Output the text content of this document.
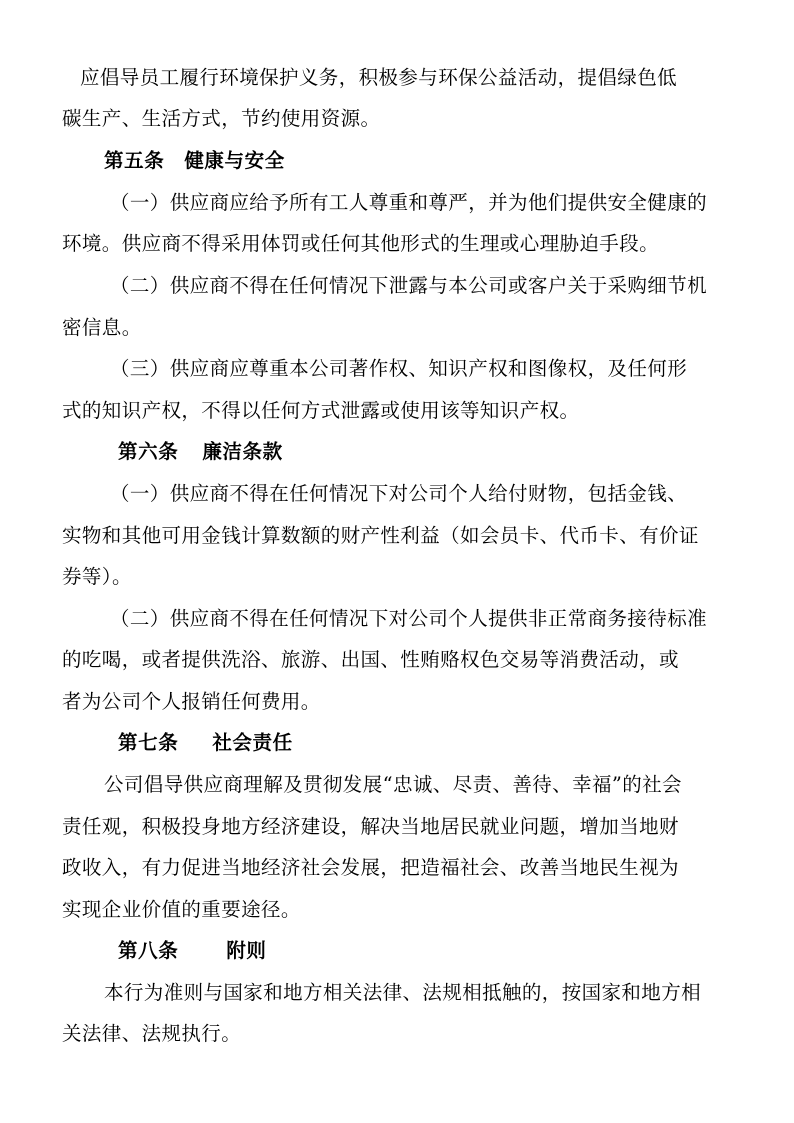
应倡导员工履行环境保护义务，积极参与环保公益活动，提倡绿色低

碳生产、生活方式，节约使用资源。

第五条 健康与安全

（一）供应商应给予所有工人尊重和尊严，并为他们提供安全健康的

环境。供应商不得采用体罚或任何其他形式的生理或心理胁迫手段。

（二）供应商不得在任何情况下泄露与本公司或客户关于采购细节机

密信息。

（三）供应商应尊重本公司著作权、知识产权和图像权，及任何形

式的知识产权，不得以任何方式泄露或使用该等知识产权。

第六条 廉洁条款

（一）供应商不得在任何情况下对公司个人给付财物，包括金钱、

实物和其他可用金钱计算数额的财产性利益（如会员卡、代币卡、有价证

券等）。

（二）供应商不得在任何情况下对公司个人提供非正常商务接待标准

的吃喝，或者提供洗浴、旅游、出国、性贿赂权色交易等消费活动，或

者为公司个人报销任何费用。

第七条 社会责任

公司倡导供应商理解及贯彻发展“忠诚、尽责、善待、幸福”的社会

责任观，积极投身地方经济建设，解决当地居民就业问题，增加当地财

政收入，有力促进当地经济社会发展，把造福社会、改善当地民生视为

实现企业价值的重要途径。

第八条 附则

本行为准则与国家和地方相关法律、法规相抵触的，按国家和地方相

关法律、法规执行。
